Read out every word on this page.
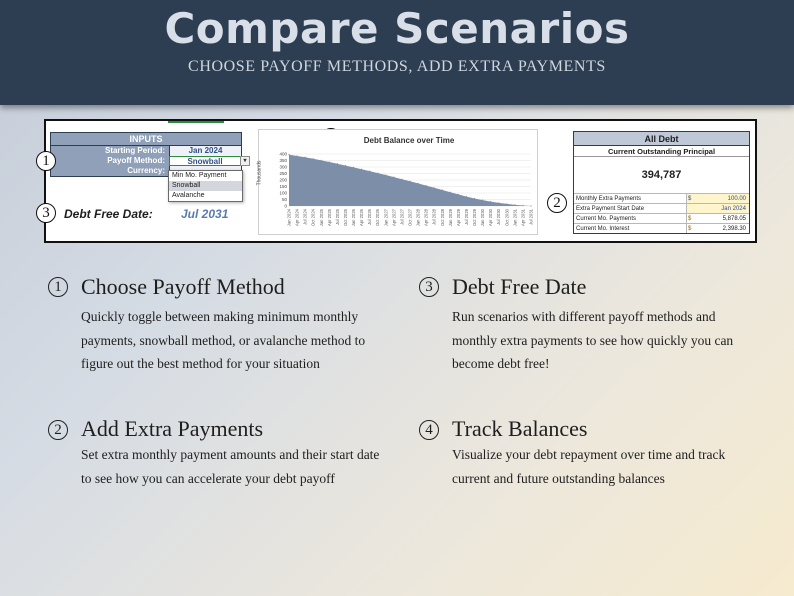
Compare Scenarios
CHOOSE PAYOFF METHODS, ADD EXTRA PAYMENTS
INPUTS
Starting Period:	Jan 2024
Payoff Method:	Snowball	▾
Currency:
Min Mo. Payment
Snowball
Avalanche
1
3
2
Debt Free Date: Jul 2031
Debt Balance over Time
Thousands
0
50
100
150
200
250
300
350
400
Jan 2024 Apr 2024 Jul 2024 Oct 2024 Jan 2025 Apr 2025 Jul 2025 Oct 2025 Jan 2026 Apr 2026 Jul 2026 Oct 2026 Jan 2027 Apr 2027 Jul 2027 Oct 2027 Jan 2028 Apr 2028 Jul 2028 Oct 2028 Jan 2029 Apr 2029 Jul 2029 Oct 2029 Jan 2030 Apr 2030 Jul 2030 Oct 2030 Jan 2031 Apr 2031 Jul 2031
All Debt
Current Outstanding Principal
394,787
Monthly Extra Payments	$	100.00
Extra Payment Start Date	Jan 2024
Current Mo. Payments	$	5,878.05
Current Mo. Interest	$	2,398.30
1 Choose Payoff Method
Quickly toggle between making minimum monthly
payments, snowball method, or avalanche method to
figure out the best method for your situation
3 Debt Free Date
Run scenarios with different payoff methods and
monthly extra payments to see how quickly you can
become debt free!
2 Add Extra Payments
Set extra monthly payment amounts and their start date
to see how you can accelerate your debt payoff
4 Track Balances
Visualize your debt repayment over time and track
current and future outstanding balances
